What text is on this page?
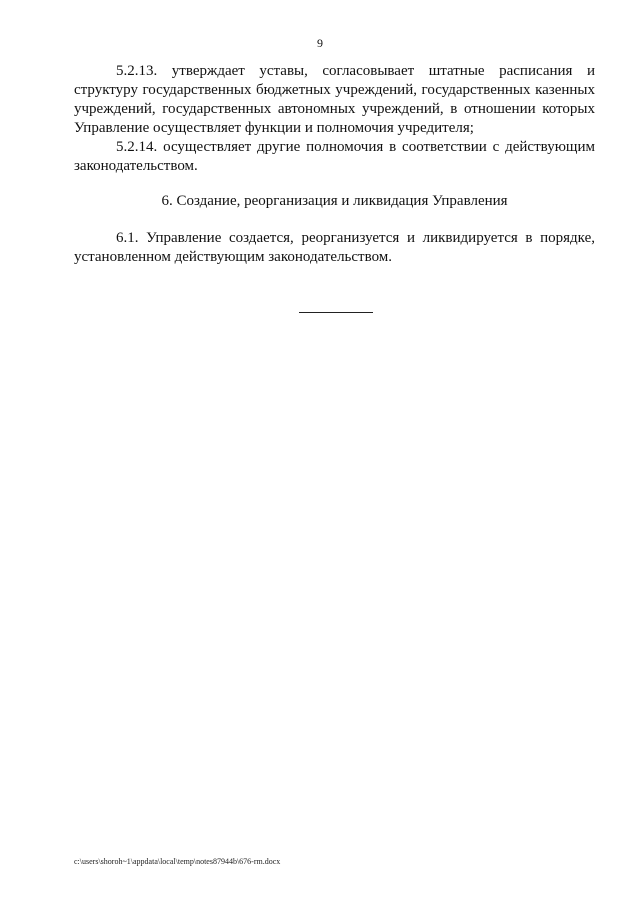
9

5.2.13. утверждает уставы, согласовывает штатные расписания и структуру государственных бюджетных учреждений, государственных казенных учреждений, государственных автономных учреждений, в отношении которых Управление осуществляет функции и полномочия учредителя;

5.2.14. осуществляет другие полномочия в соответствии с действующим законодательством.

6. Создание, реорганизация и ликвидация Управления

6.1. Управление создается, реорганизуется и ликвидируется в порядке, установленном действующим законодательством.

c:\users\shoroh~1\appdata\local\temp\notes87944b\676-rm.docx
